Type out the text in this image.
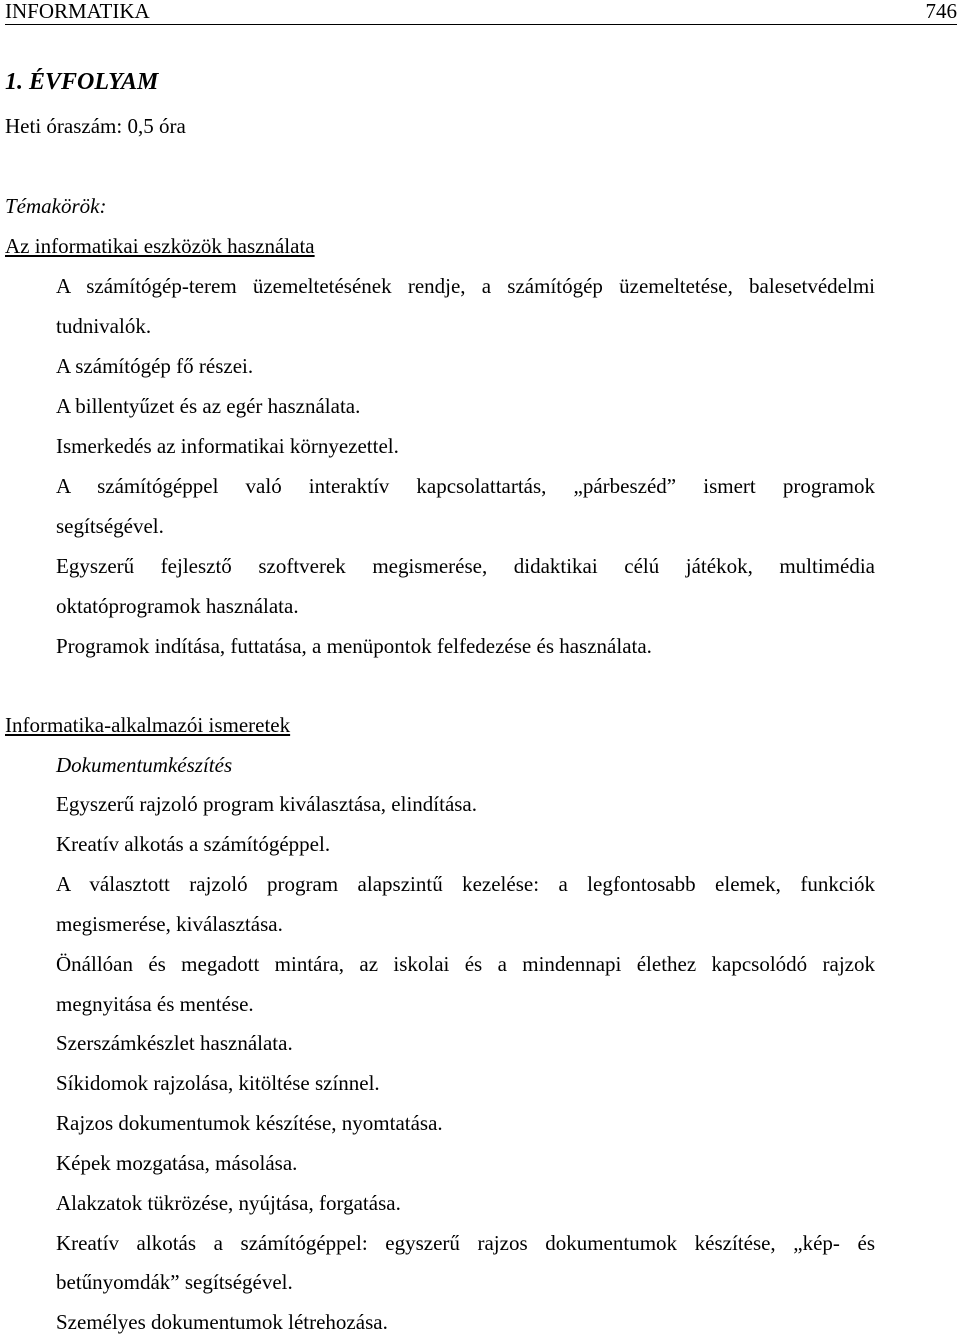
INFORMATIKA	746
1. ÉVFOLYAM
Heti óraszám: 0,5 óra
Témakörök:
Az informatikai eszközök használata
A számítógép-terem üzemeltetésének rendje, a számítógép üzemeltetése, balesetvédelmi
tudnivalók.
A számítógép fő részei.
A billentyűzet és az egér használata.
Ismerkedés az informatikai környezettel.
A számítógéppel való interaktív kapcsolattartás, „párbeszéd” ismert programok
segítségével.
Egyszerű fejlesztő szoftverek megismerése, didaktikai célú játékok, multimédia
oktatóprogramok használata.
Programok indítása, futtatása, a menüpontok felfedezése és használata.
Informatika-alkalmazói ismeretek
Dokumentumkészítés
Egyszerű rajzoló program kiválasztása, elindítása.
Kreatív alkotás a számítógéppel.
A választott rajzoló program alapszintű kezelése: a legfontosabb elemek, funkciók
megismerése, kiválasztása.
Önállóan és megadott mintára, az iskolai és a mindennapi élethez kapcsolódó rajzok
megnyitása és mentése.
Szerszámkészlet használata.
Síkidomok rajzolása, kitöltése színnel.
Rajzos dokumentumok készítése, nyomtatása.
Képek mozgatása, másolása.
Alakzatok tükrözése, nyújtása, forgatása.
Kreatív alkotás a számítógéppel: egyszerű rajzos dokumentumok készítése, „kép- és
betűnyomdák” segítségével.
Személyes dokumentumok létrehozása.
